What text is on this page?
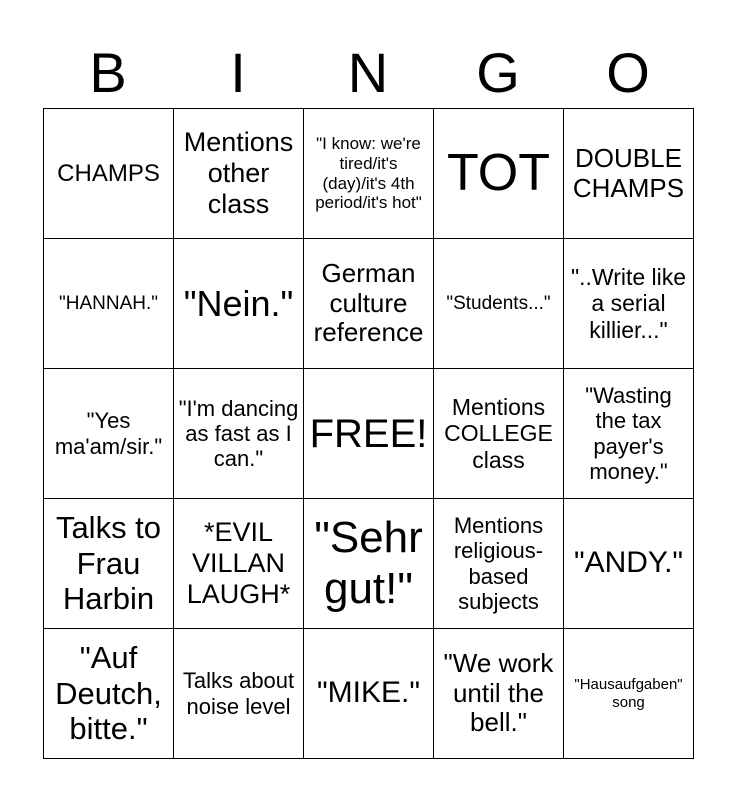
B	I	N	G	O
CHAMPS	Mentions other class	"I know: we're tired/it's (day)/it's 4th period/it's hot"	TOT	DOUBLE CHAMPS
"HANNAH."	"Nein."	German culture reference	"Students..."	"..Write like a serial killier..."
"Yes ma'am/sir."	"I'm dancing as fast as I can."	FREE!	Mentions COLLEGE class	"Wasting the tax payer's money."
Talks to Frau Harbin	*EVIL VILLAN LAUGH*	"Sehr gut!"	Mentions religious-based subjects	"ANDY."
"Auf Deutch, bitte."	Talks about noise level	"MIKE."	"We work until the bell."	"Hausaufgaben" song
